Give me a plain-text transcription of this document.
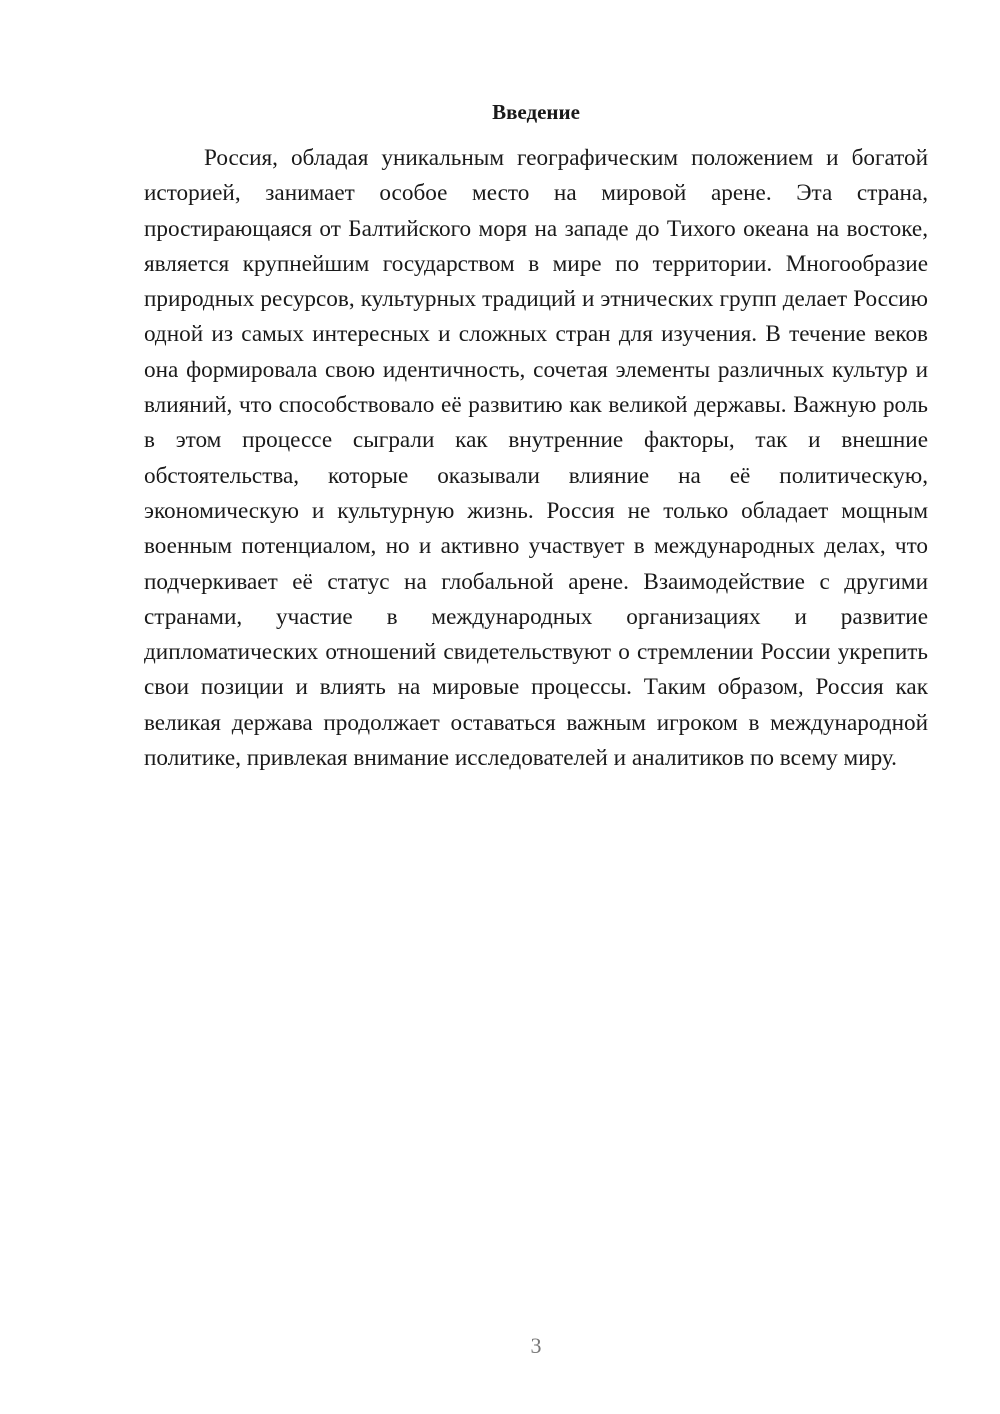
Введение

Россия, обладая уникальным географическим положением и богатой историей, занимает особое место на мировой арене. Эта страна, простирающаяся от Балтийского моря на западе до Тихого океана на востоке, является крупнейшим государством в мире по территории. Многообразие природных ресурсов, культурных традиций и этнических групп делает Россию одной из самых интересных и сложных стран для изучения. В течение веков она формировала свою идентичность, сочетая элементы различных культур и влияний, что способствовало её развитию как великой державы. Важную роль в этом процессе сыграли как внутренние факторы, так и внешние обстоятельства, которые оказывали влияние на её политическую, экономическую и культурную жизнь. Россия не только обладает мощным военным потенциалом, но и активно участвует в международных делах, что подчеркивает её статус на глобальной арене. Взаимодействие с другими странами, участие в международных организациях и развитие дипломатических отношений свидетельствуют о стремлении России укрепить свои позиции и влиять на мировые процессы. Таким образом, Россия как великая держава продолжает оставаться важным игроком в международной политике, привлекая внимание исследователей и аналитиков по всему миру.

3
